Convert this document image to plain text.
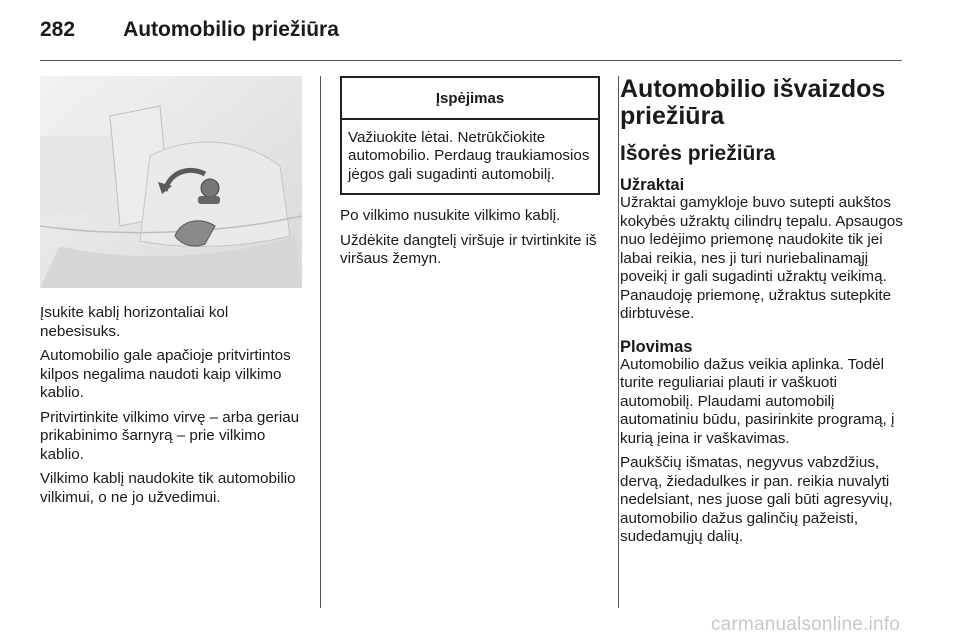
282 Automobilio priežiūra

Įsukite kablį horizontaliai kol nebesisuks.

Automobilio gale apačioje pritvirtintos kilpos negalima naudoti kaip vilkimo kablio.

Pritvirtinkite vilkimo virvę – arba geriau prikabinimo šarnyrą – prie vilkimo kablio.

Vilkimo kablį naudokite tik automobilio vilkimui, o ne jo užvedimui.

Įspėjimas
Važiuokite lėtai. Netrūkčiokite automobilio. Perdaug traukiamosios jėgos gali sugadinti automobilį.

Po vilkimo nusukite vilkimo kablį.

Uždėkite dangtelį viršuje ir tvirtinkite iš viršaus žemyn.

Automobilio išvaizdos priežiūra
Išorės priežiūra
Užraktai

Užraktai gamykloje buvo sutepti aukštos kokybės užraktų cilindrų tepalu. Apsaugos nuo ledėjimo priemonę naudokite tik jei labai reikia, nes ji turi nuriebalinamąjį poveikį ir gali sugadinti užraktų veikimą. Panaudoję priemonę, užraktus sutepkite dirbtuvėse.

Plovimas

Automobilio dažus veikia aplinka. Todėl turite reguliariai plauti ir vaškuoti automobilį. Plaudami automobilį automatiniu būdu, pasirinkite programą, į kurią įeina ir vaškavimas.

Paukščių išmatas, negyvus vabzdžius, dervą, žiedadulkes ir pan. reikia nuvalyti nedelsiant, nes juose gali būti agresyvių, automobilio dažus galinčių pažeisti, sudedamųjų dalių.

carmanualsonline.info
